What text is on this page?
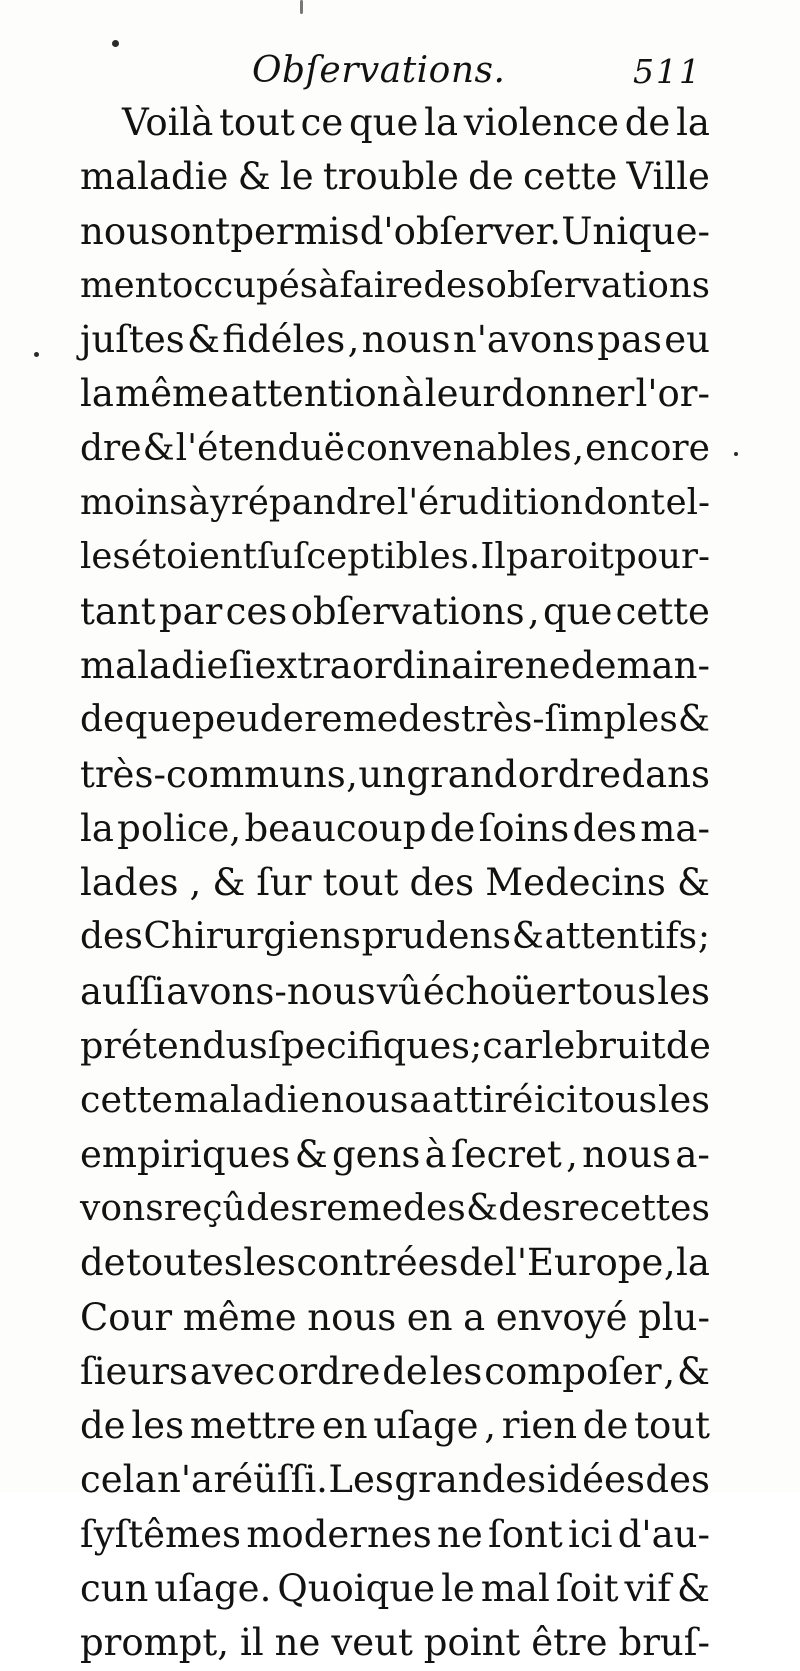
Obſervations.	511
Voilà tout ce que la violence de la
maladie & le trouble de cette Ville
nous ont permis d'obſerver. Unique-
ment occupés à faire des obſervations
juſtes & fidéles , nous n'avons pas eu
la même attention à leur donner l'or-
dre & l'étenduë convenables , encore
moins à y répandre l'érudition dont el-
les étoient ſuſceptibles. Il paroit pour-
tant par ces obſervations , que cette
maladie ſi extraordinaire ne deman-
de que peu de remedes très-ſimples &
très-communs , un grand ordre dans
la police, beaucoup de ſoins des ma-
lades , & ſur tout des Medecins &
des Chirurgiens prudens & attentifs ;
auſſi avons-nous vû échoüer tous les
prétendus ſpecifiques ; car le bruit de
cette maladie nous a attiré ici tous les
empiriques & gens à ſecret , nous a-
vons reçû des remedes & des recettes
de toutes les contrées de l'Europe , la
Cour même nous en a envoyé plu-
ſieurs avec ordre de les compoſer , &
de les mettre en uſage , rien de tout
cela n'a réüſſi. Les grandes idées des
ſyſtêmes modernes ne ſont ici d'au-
cun uſage. Quoique le mal ſoit vif &
prompt, il ne veut point être bruſ-
